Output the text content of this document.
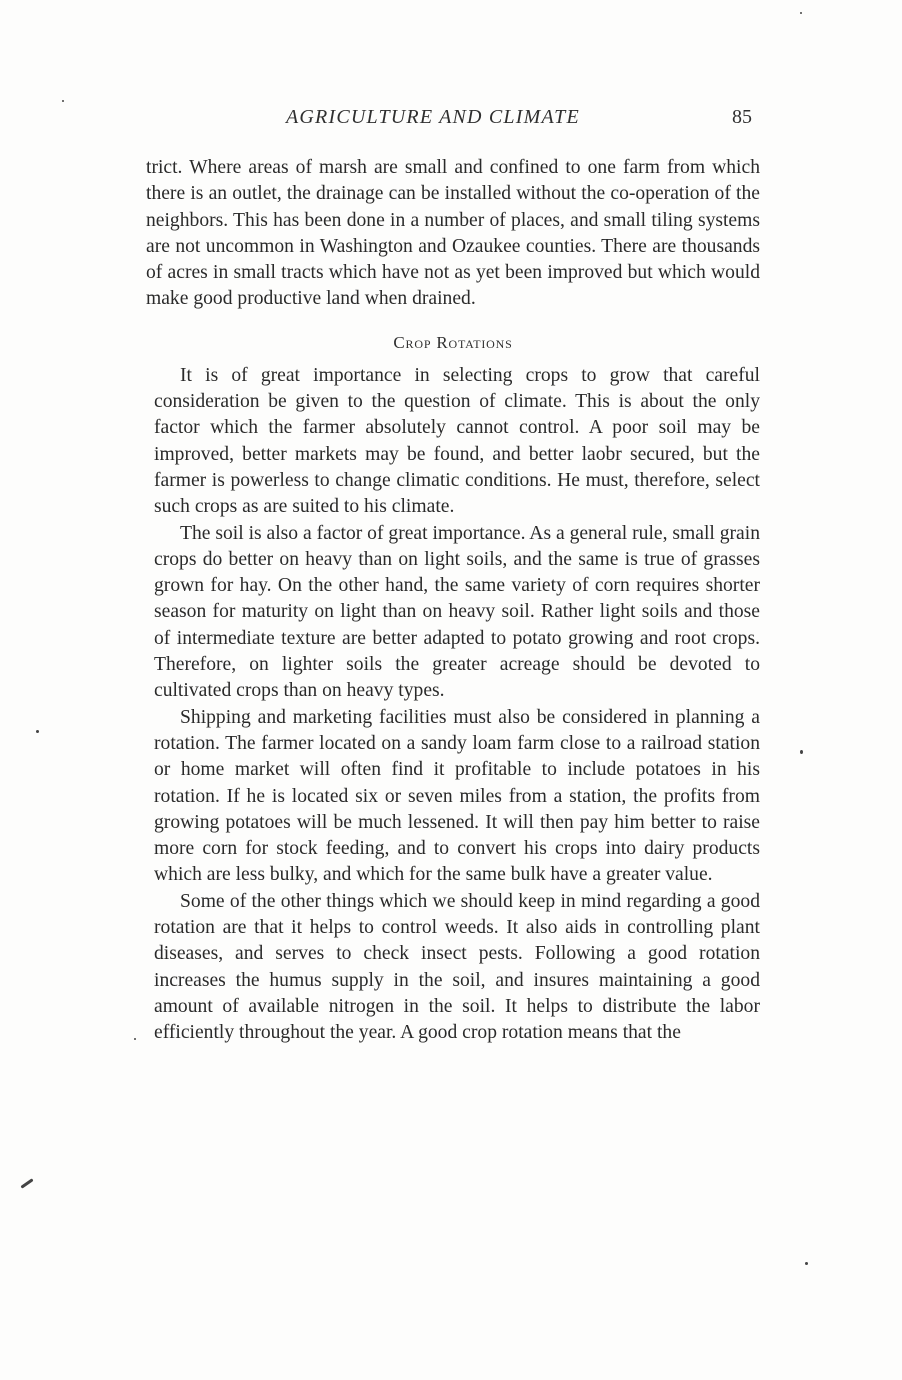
AGRICULTURE AND CLIMATE	85

trict. Where areas of marsh are small and confined to one farm from which there is an outlet, the drainage can be installed without the co-operation of the neighbors. This has been done in a number of places, and small tiling systems are not uncommon in Washington and Ozaukee counties. There are thousands of acres in small tracts which have not as yet been improved but which would make good productive land when drained.

Crop Rotations

It is of great importance in selecting crops to grow that careful consideration be given to the question of climate. This is about the only factor which the farmer absolutely cannot control. A poor soil may be improved, better markets may be found, and better laobr secured, but the farmer is powerless to change climatic conditions. He must, therefore, select such crops as are suited to his climate.

The soil is also a factor of great importance. As a general rule, small grain crops do better on heavy than on light soils, and the same is true of grasses grown for hay. On the other hand, the same variety of corn requires shorter season for maturity on light than on heavy soil. Rather light soils and those of intermediate texture are better adapted to potato growing and root crops. Therefore, on lighter soils the greater acreage should be devoted to cultivated crops than on heavy types.

Shipping and marketing facilities must also be considered in planning a rotation. The farmer located on a sandy loam farm close to a railroad station or home market will often find it profitable to include potatoes in his rotation. If he is located six or seven miles from a station, the profits from growing potatoes will be much lessened. It will then pay him better to raise more corn for stock feeding, and to convert his crops into dairy products which are less bulky, and which for the same bulk have a greater value.

Some of the other things which we should keep in mind regarding a good rotation are that it helps to control weeds. It also aids in controlling plant diseases, and serves to check insect pests. Following a good rotation increases the humus supply in the soil, and insures maintaining a good amount of available nitrogen in the soil. It helps to distribute the labor efficiently throughout the year. A good crop rotation means that the
